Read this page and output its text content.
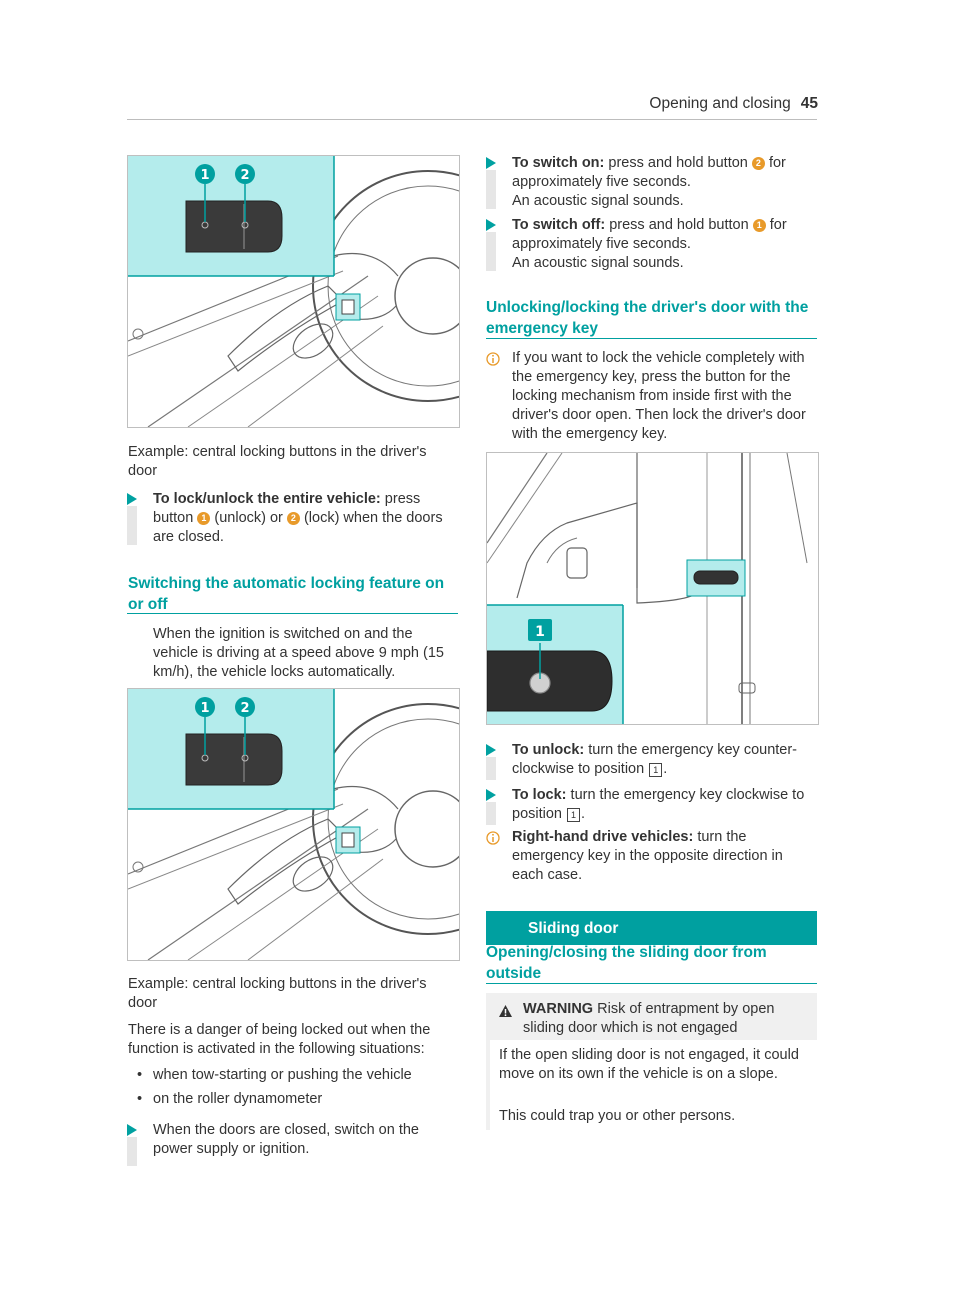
Opening and closing 45
1 2

Example: central locking buttons in the driver's door

To lock/unlock the entire vehicle: press button 1 (unlock) or 2 (lock) when the doors are closed.

Switching the automatic locking feature on or off

When the ignition is switched on and the vehicle is driving at a speed above 9 mph (15 km/h), the vehicle locks automatically.

1 2

Example: central locking buttons in the driver's door

There is a danger of being locked out when the function is activated in the following situations:

• when tow-starting or pushing the vehicle
• on the roller dynamometer

When the doors are closed, switch on the power supply or ignition.

To switch on: press and hold button 2 for approximately five seconds.
An acoustic signal sounds.

To switch off: press and hold button 1 for approximately five seconds.
An acoustic signal sounds.

Unlocking/locking the driver's door with the emergency key

If you want to lock the vehicle completely with the emergency key, press the button for the locking mechanism from inside first with the driver's door open. Then lock the driver's door with the emergency key.

1

To unlock: turn the emergency key counter-clockwise to position 1 .

To lock: turn the emergency key clockwise to position 1 .

Right-hand drive vehicles: turn the emergency key in the opposite direction in each case.

Sliding door
Opening/closing the sliding door from outside

WARNING Risk of entrapment by open sliding door which is not engaged

If the open sliding door is not engaged, it could move on its own if the vehicle is on a slope.

This could trap you or other persons.
